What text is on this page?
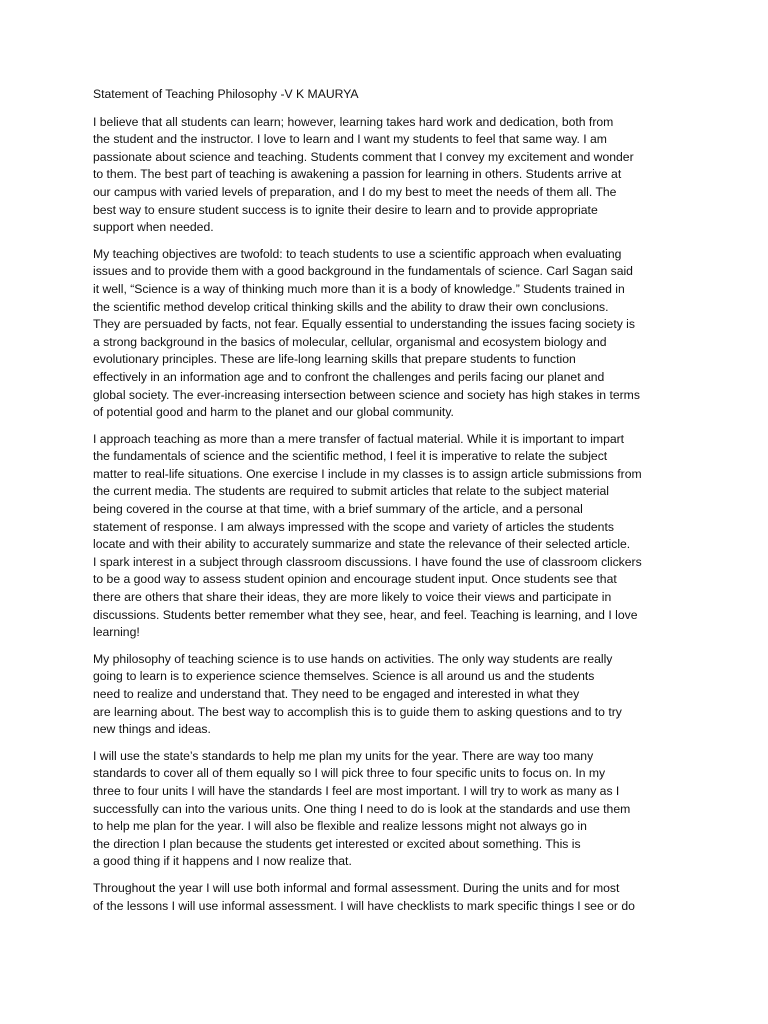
Statement of Teaching Philosophy -V K MAURYA
I believe that all students can learn; however, learning takes hard work and dedication, both from
the student and the instructor. I love to learn and I want my students to feel that same way. I am
passionate about science and teaching. Students comment that I convey my excitement and wonder
to them. The best part of teaching is awakening a passion for learning in others. Students arrive at
our campus with varied levels of preparation, and I do my best to meet the needs of them all. The
best way to ensure student success is to ignite their desire to learn and to provide appropriate
support when needed.
My teaching objectives are twofold: to teach students to use a scientific approach when evaluating
issues and to provide them with a good background in the fundamentals of science. Carl Sagan said
it well, “Science is a way of thinking much more than it is a body of knowledge.” Students trained in
the scientific method develop critical thinking skills and the ability to draw their own conclusions.
They are persuaded by facts, not fear. Equally essential to understanding the issues facing society is
a strong background in the basics of molecular, cellular, organismal and ecosystem biology and
evolutionary principles. These are life-long learning skills that prepare students to function
effectively in an information age and to confront the challenges and perils facing our planet and
global society. The ever-increasing intersection between science and society has high stakes in terms
of potential good and harm to the planet and our global community.
I approach teaching as more than a mere transfer of factual material. While it is important to impart
the fundamentals of science and the scientific method, I feel it is imperative to relate the subject
matter to real-life situations. One exercise I include in my classes is to assign article submissions from
the current media. The students are required to submit articles that relate to the subject material
being covered in the course at that time, with a brief summary of the article, and a personal
statement of response. I am always impressed with the scope and variety of articles the students
locate and with their ability to accurately summarize and state the relevance of their selected article.
I spark interest in a subject through classroom discussions. I have found the use of classroom clickers
to be a good way to assess student opinion and encourage student input. Once students see that
there are others that share their ideas, they are more likely to voice their views and participate in
discussions. Students better remember what they see, hear, and feel. Teaching is learning, and I love
learning!
My philosophy of teaching science is to use hands on activities. The only way students are really
going to learn is to experience science themselves. Science is all around us and the students
need to realize and understand that. They need to be engaged and interested in what they
are learning about. The best way to accomplish this is to guide them to asking questions and to try
new things and ideas.
I will use the state’s standards to help me plan my units for the year. There are way too many
standards to cover all of them equally so I will pick three to four specific units to focus on. In my
three to four units I will have the standards I feel are most important. I will try to work as many as I
successfully can into the various units. One thing I need to do is look at the standards and use them
to help me plan for the year. I will also be flexible and realize lessons might not always go in
the direction I plan because the students get interested or excited about something. This is
a good thing if it happens and I now realize that.
Throughout the year I will use both informal and formal assessment. During the units and for most
of the lessons I will use informal assessment. I will have checklists to mark specific things I see or do
